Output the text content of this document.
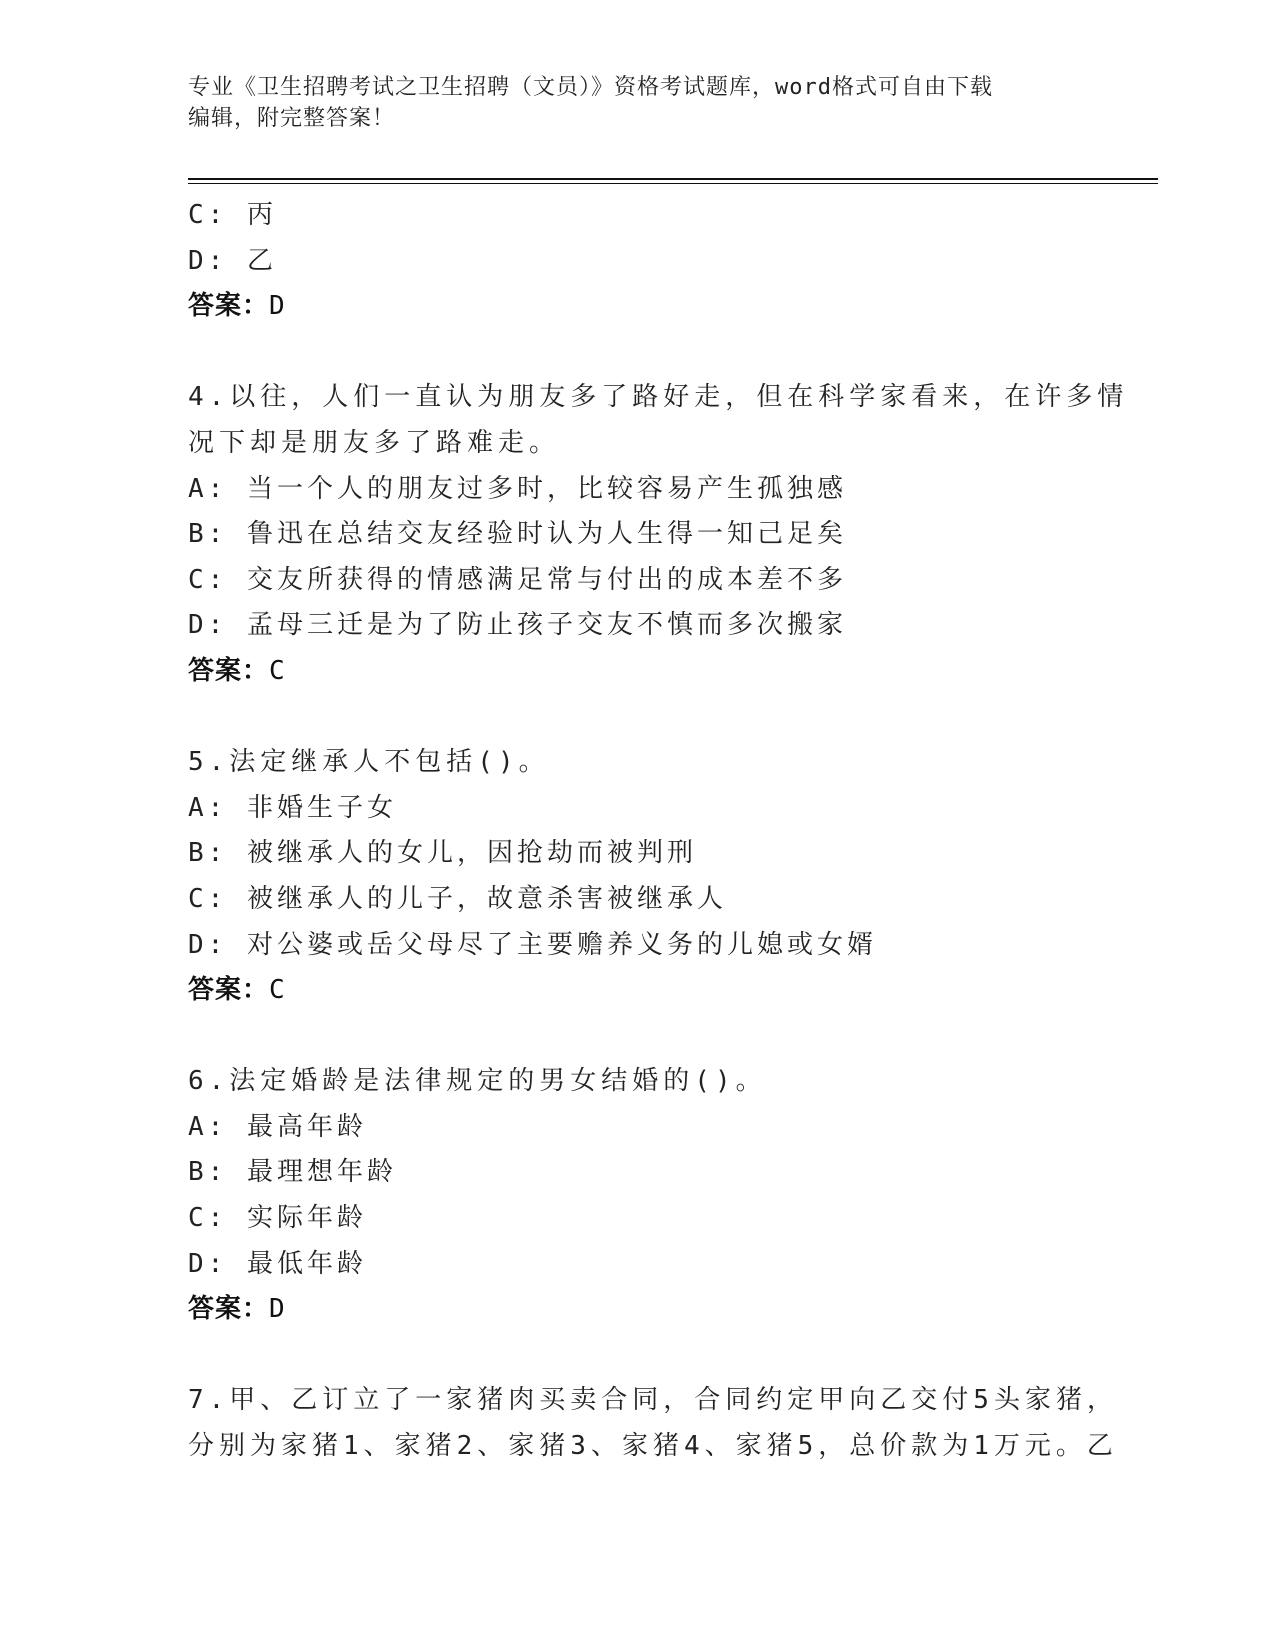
专业《卫生招聘考试之卫生招聘（文员）》资格考试题库，word格式可自由下载
编辑，附完整答案！
C: 丙
D: 乙
答案：D
4.以往，人们一直认为朋友多了路好走，但在科学家看来，在许多情
况下却是朋友多了路难走。
A: 当一个人的朋友过多时，比较容易产生孤独感
B: 鲁迅在总结交友经验时认为人生得一知己足矣
C: 交友所获得的情感满足常与付出的成本差不多
D: 孟母三迁是为了防止孩子交友不慎而多次搬家
答案：C
5.法定继承人不包括()。
A: 非婚生子女
B: 被继承人的女儿，因抢劫而被判刑
C: 被继承人的儿子，故意杀害被继承人
D: 对公婆或岳父母尽了主要赡养义务的儿媳或女婿
答案：C
6.法定婚龄是法律规定的男女结婚的()。
A: 最高年龄
B: 最理想年龄
C: 实际年龄
D: 最低年龄
答案：D
7.甲、乙订立了一家猪肉买卖合同，合同约定甲向乙交付5头家猪，
分别为家猪1、家猪2、家猪3、家猪4、家猪5，总价款为1万元。乙
